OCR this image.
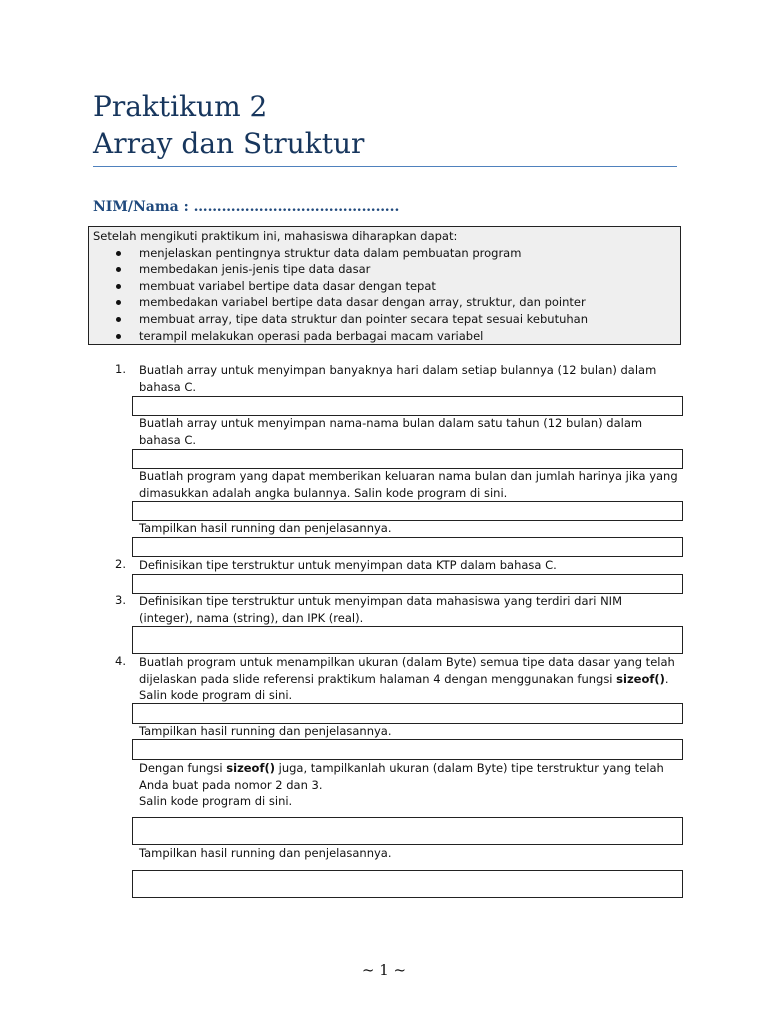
Praktikum 2
Array dan Struktur
NIM/Nama : ……………………………………..
Setelah mengikuti praktikum ini, mahasiswa diharapkan dapat:
menjelaskan pentingnya struktur data dalam pembuatan program
membedakan jenis-jenis tipe data dasar
membuat variabel bertipe data dasar dengan tepat
membedakan variabel bertipe data dasar dengan array, struktur, dan pointer
membuat array, tipe data struktur dan pointer secara tepat sesuai kebutuhan
terampil melakukan operasi pada berbagai macam variabel
1. Buatlah array untuk menyimpan banyaknya hari dalam setiap bulannya (12 bulan) dalam
bahasa C.
Buatlah array untuk menyimpan nama-nama bulan dalam satu tahun (12 bulan) dalam
bahasa C.
Buatlah program yang dapat memberikan keluaran nama bulan dan jumlah harinya jika yang
dimasukkan adalah angka bulannya. Salin kode program di sini.
Tampilkan hasil running dan penjelasannya.
2. Definisikan tipe terstruktur untuk menyimpan data KTP dalam bahasa C.
3. Definisikan tipe terstruktur untuk menyimpan data mahasiswa yang terdiri dari NIM
(integer), nama (string), dan IPK (real).
4. Buatlah program untuk menampilkan ukuran (dalam Byte) semua tipe data dasar yang telah
dijelaskan pada slide referensi praktikum halaman 4 dengan menggunakan fungsi sizeof().
Salin kode program di sini.
Tampilkan hasil running dan penjelasannya.
Dengan fungsi sizeof() juga, tampilkanlah ukuran (dalam Byte) tipe terstruktur yang telah
Anda buat pada nomor 2 dan 3.
Salin kode program di sini.
Tampilkan hasil running dan penjelasannya.
~ 1 ~
